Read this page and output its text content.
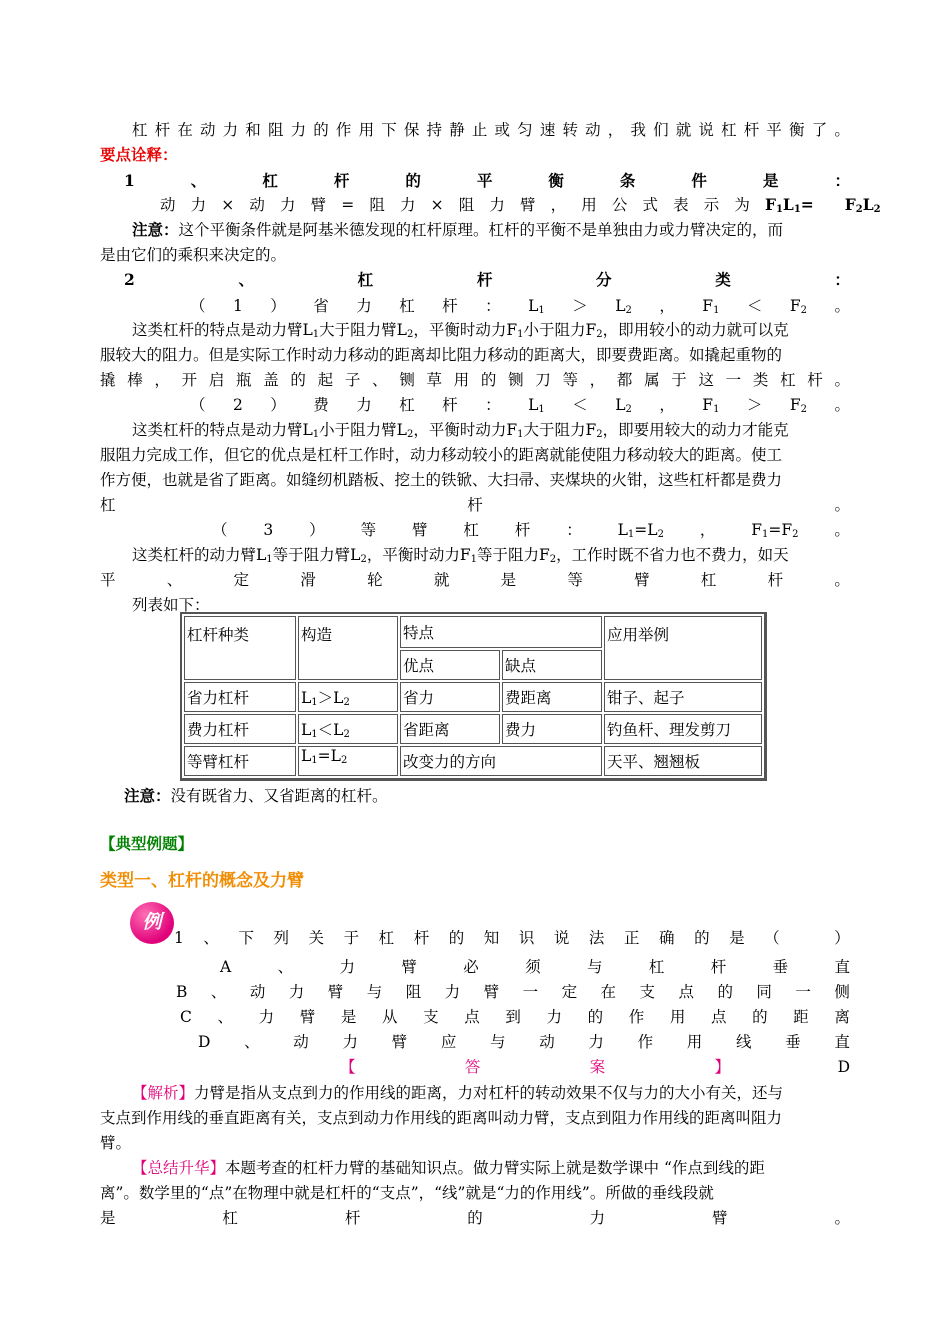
杠 杆 在 动 力 和 阻 力 的 作 用 下 保 持 静 止 或 匀 速 转 动 ， 我 们 就 说 杠 杆 平 衡 了 。
要点诠释：
1	、	杠	杆	的	平	衡	条	件	是	：
动 力 × 动 力 臂 = 阻 力 × 阻 力 臂 ， 用 公 式 表 示 为 $F_1L_1= F_2L_2$
注意：这个平衡条件就是阿基米德发现的杠杆原理。杠杆的平衡不是单独由力或力臂决定的，而
是由它们的乘积来决定的。
2	、	杠	杆	分	类	：
（ 1 ） 省 力 杠 杆 ： $L_1 > L_2$ ， $F_1 < F_2$ 。
这类杠杆的特点是动力臂$L_1$大于阻力臂$L_2$，平衡时动力$F_1$小于阻力$F_2$，即用较小的动力就可以克
服较大的阻力。但是实际工作时动力移动的距离却比阻力移动的距离大，即要费距离。如撬起重物的
撬 棒 ， 开 启 瓶 盖 的 起 子 、 铡 草 用 的 铡 刀 等 ， 都 属 于 这 一 类 杠 杆 。
（ 2 ） 费 力 杠 杆 ： $L_1 < L_2$ ， $F_1 > F_2$ 。
这类杠杆的特点是动力臂$L_1$小于阻力臂$L_2$，平衡时动力$F_1$大于阻力$F_2$，即要用较大的动力才能克
服阻力完成工作，但它的优点是杠杆工作时，动力移动较小的距离就能使阻力移动较大的距离。使工
作方便，也就是省了距离。如缝纫机踏板、挖土的铁锨、大扫帚、夹煤块的火钳，这些杠杆都是费力
杠	杆	。
（ 3 ） 等 臂 杠 杆 ： $L_1=L_2$ ， $F_1=F_2$ 。
这类杠杆的动力臂$L_1$等于阻力臂$L_2$，平衡时动力$F_1$等于阻力$F_2$，工作时既不省力也不费力，如天
平	、	定	滑	轮	就	是	等	臂	杠	杆	。
列表如下：
杠杆种类	构造	特点		应用举例
		优点	缺点	
省力杠杆	$L_1>L_2$	省力	费距离	钳子、起子
费力杠杆	$L_1<L_2$	省距离	费力	钓鱼杆、理发剪刀
等臂杠杆	$L_1=L_2$	改变力的方向		天平、翘翘板
注意：没有既省力、又省距离的杠杆。
【典型例题】
类型一、杠杆的概念及力臂
例
1 、 下 列 关 于 杠 杆 的 知 识 说 法 正 确 的 是 （
　	）
A	、	力	臂	必	须	与	杠	杆	垂	直
B 、 动 力 臂 与 阻 力 臂 一 定 在 支 点 的 同 一 侧
C 、 力 臂 是 从 支 点 到 力 的 作 用 点 的 距 离
D 、 动 力 臂 应 与 动 力 作 用 线 垂 直
【	答	案	】	D
【解析】力臂是指从支点到力的作用线的距离，力对杠杆的转动效果不仅与力的大小有关，还与
支点到作用线的垂直距离有关，支点到动力作用线的距离叫动力臂，支点到阻力作用线的距离叫阻力
臂。
【总结升华】本题考查的杠杆力臂的基础知识点。做力臂实际上就是数学课中 “作点到线的距
离”。数学里的“点”在物理中就是杠杆的“支点”，“线”就是“力的作用线”。所做的垂线段就
是	杠	杆	的	力	臂	。
